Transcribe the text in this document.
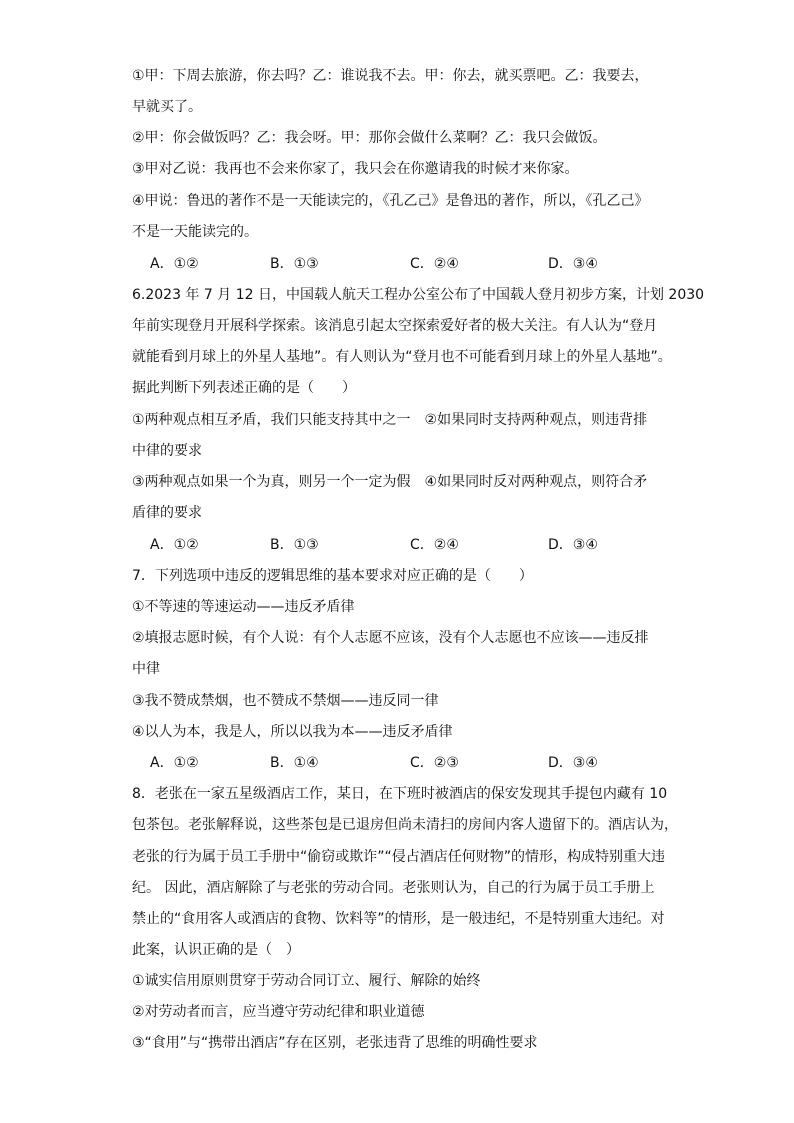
①甲：下周去旅游，你去吗？乙：谁说我不去。甲：你去，就买票吧。乙：我要去，
早就买了。
②甲：你会做饭吗？乙：我会呀。甲：那你会做什么菜啊？乙：我只会做饭。
③甲对乙说：我再也不会来你家了，我只会在你邀请我的时候才来你家。
④甲说：鲁迅的著作不是一天能读完的，《孔乙己》是鲁迅的著作，所以，《孔乙己》
不是一天能读完的。
A．①②	B．①③	C．②④	D．③④
6.2023 年 7 月 12 日，中国载人航天工程办公室公布了中国载人登月初步方案，计划 2030
年前实现登月开展科学探索。该消息引起太空探索爱好者的极大关注。有人认为“登月
就能看到月球上的外星人基地”。有人则认为“登月也不可能看到月球上的外星人基地”。
据此判断下列表述正确的是（　　）
①两种观点相互矛盾，我们只能支持其中之一　②如果同时支持两种观点，则违背排
中律的要求
③两种观点如果一个为真，则另一个一定为假　④如果同时反对两种观点，则符合矛
盾律的要求
A．①②	B．①③	C．②④	D．③④
7．下列选项中违反的逻辑思维的基本要求对应正确的是（　　）
①不等速的等速运动——违反矛盾律
②填报志愿时候，有个人说：有个人志愿不应该，没有个人志愿也不应该——违反排
中律
③我不赞成禁烟，也不赞成不禁烟——违反同一律
④以人为本，我是人，所以以我为本——违反矛盾律
A．①②	B．①④	C．②③	D．③④
8．老张在一家五星级酒店工作，某日，在下班时被酒店的保安发现其手提包内藏有 10
包茶包。老张解释说，这些茶包是已退房但尚未清扫的房间内客人遗留下的。酒店认为，
老张的行为属于员工手册中“偷窃或欺诈”“侵占酒店任何财物”的情形，构成特别重大违
纪。 因此，酒店解除了与老张的劳动合同。老张则认为，自己的行为属于员工手册上
禁止的“食用客人或酒店的食物、饮料等”的情形，是一般违纪，不是特别重大违纪。对
此案，认识正确的是（　）
①诚实信用原则贯穿于劳动合同订立、履行、解除的始终
②对劳动者而言，应当遵守劳动纪律和职业道德
③“食用”与“携带出酒店”存在区别，老张违背了思维的明确性要求
